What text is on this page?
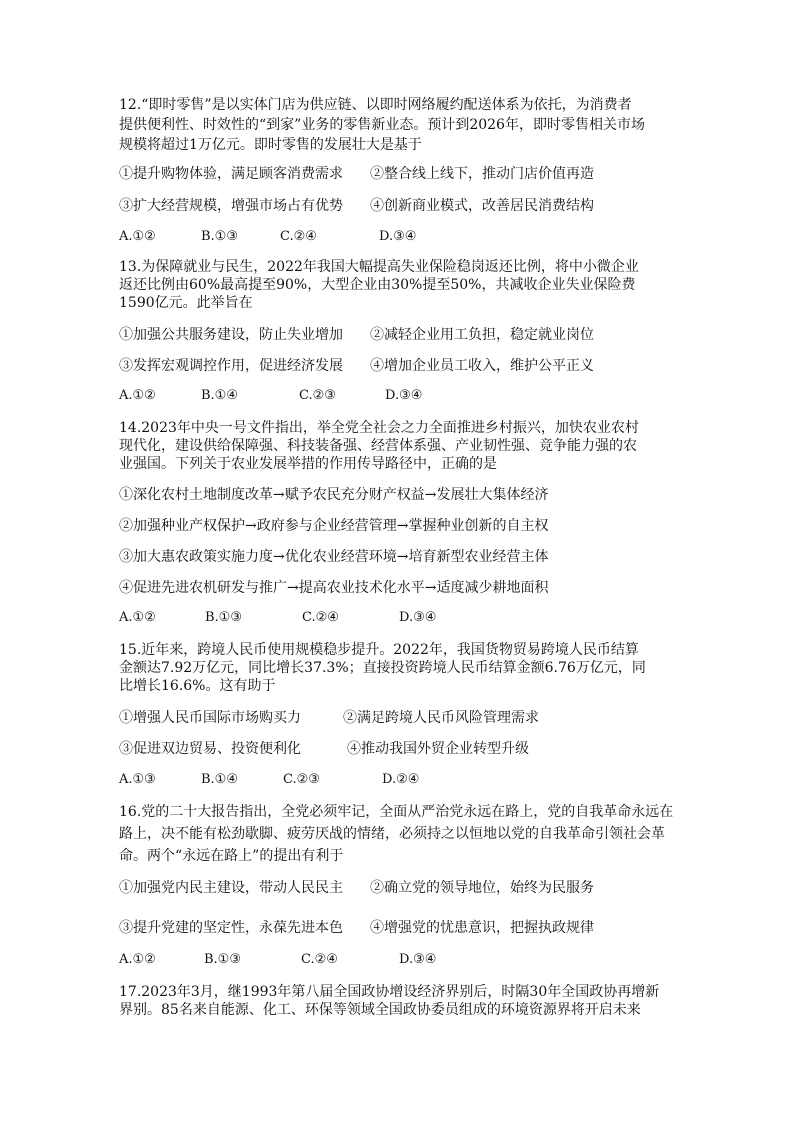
12.“即时零售”是以实体门店为供应链、以即时网络履约配送体系为依托，为消费者

提供便利性、时效性的“到家”业务的零售新业态。预计到2026年，即时零售相关市场

规模将超过1万亿元。即时零售的发展壮大是基于

①提升购物体验，满足顾客消费需求 ②整合线上线下，推动门店价值再造
③扩大经营规模，增强市场占有优势 ④创新商业模式，改善居民消费结构
A.①②	B.①③	C.②④	D.③④

13.为保障就业与民生，2022年我国大幅提高失业保险稳岗返还比例，将中小微企业

返还比例由60%最高提至90%，大型企业由30%提至50%，共减收企业失业保险费

1590亿元。此举旨在

①加强公共服务建设，防止失业增加 ②减轻企业用工负担，稳定就业岗位
③发挥宏观调控作用，促进经济发展 ④增加企业员工收入，维护公平正义
A.①②	B.①④	C.②③	D.③④

14.2023年中央一号文件指出，举全党全社会之力全面推进乡村振兴，加快农业农村

现代化，建设供给保障强、科技装备强、经营体系强、产业韧性强、竞争能力强的农

业强国。下列关于农业发展举措的作用传导路径中，正确的是

①深化农村土地制度改革→赋予农民充分财产权益→发展壮大集体经济
②加强种业产权保护→政府参与企业经营管理→掌握种业创新的自主权
③加大惠农政策实施力度→优化农业经营环境→培育新型农业经营主体
④促进先进农机研发与推广→提高农业技术化水平→适度减少耕地面积
A.①②	B.①③	C.②④	D.③④

15.近年来，跨境人民币使用规模稳步提升。2022年，我国货物贸易跨境人民币结算

金额达7.92万亿元，同比增长37.3%；直接投资跨境人民币结算金额6.76万亿元，同

比增长16.6%。这有助于

①增强人民币国际市场购买力	②满足跨境人民币风险管理需求
③促进双边贸易、投资便利化	④推动我国外贸企业转型升级
A.①③	B.①④	C.②③	D.②④

16.党的二十大报告指出，全党必须牢记，全面从严治党永远在路上，党的自我革命永远在

路上，决不能有松劲歇脚、疲劳厌战的情绪，必须持之以恒地以党的自我革命引领社会革

命。两个“永远在路上”的提出有利于

①加强党内民主建设，带动人民民主 ②确立党的领导地位，始终为民服务
③提升党建的坚定性，永葆先进本色 ④增强党的忧患意识，把握执政规律
A.①②	B.①③	C.②④	D.③④

17.2023年3月，继1993年第八届全国政协增设经济界别后，时隔30年全国政协再增新

界别。85名来自能源、化工、环保等领域全国政协委员组成的环境资源界将开启未来
